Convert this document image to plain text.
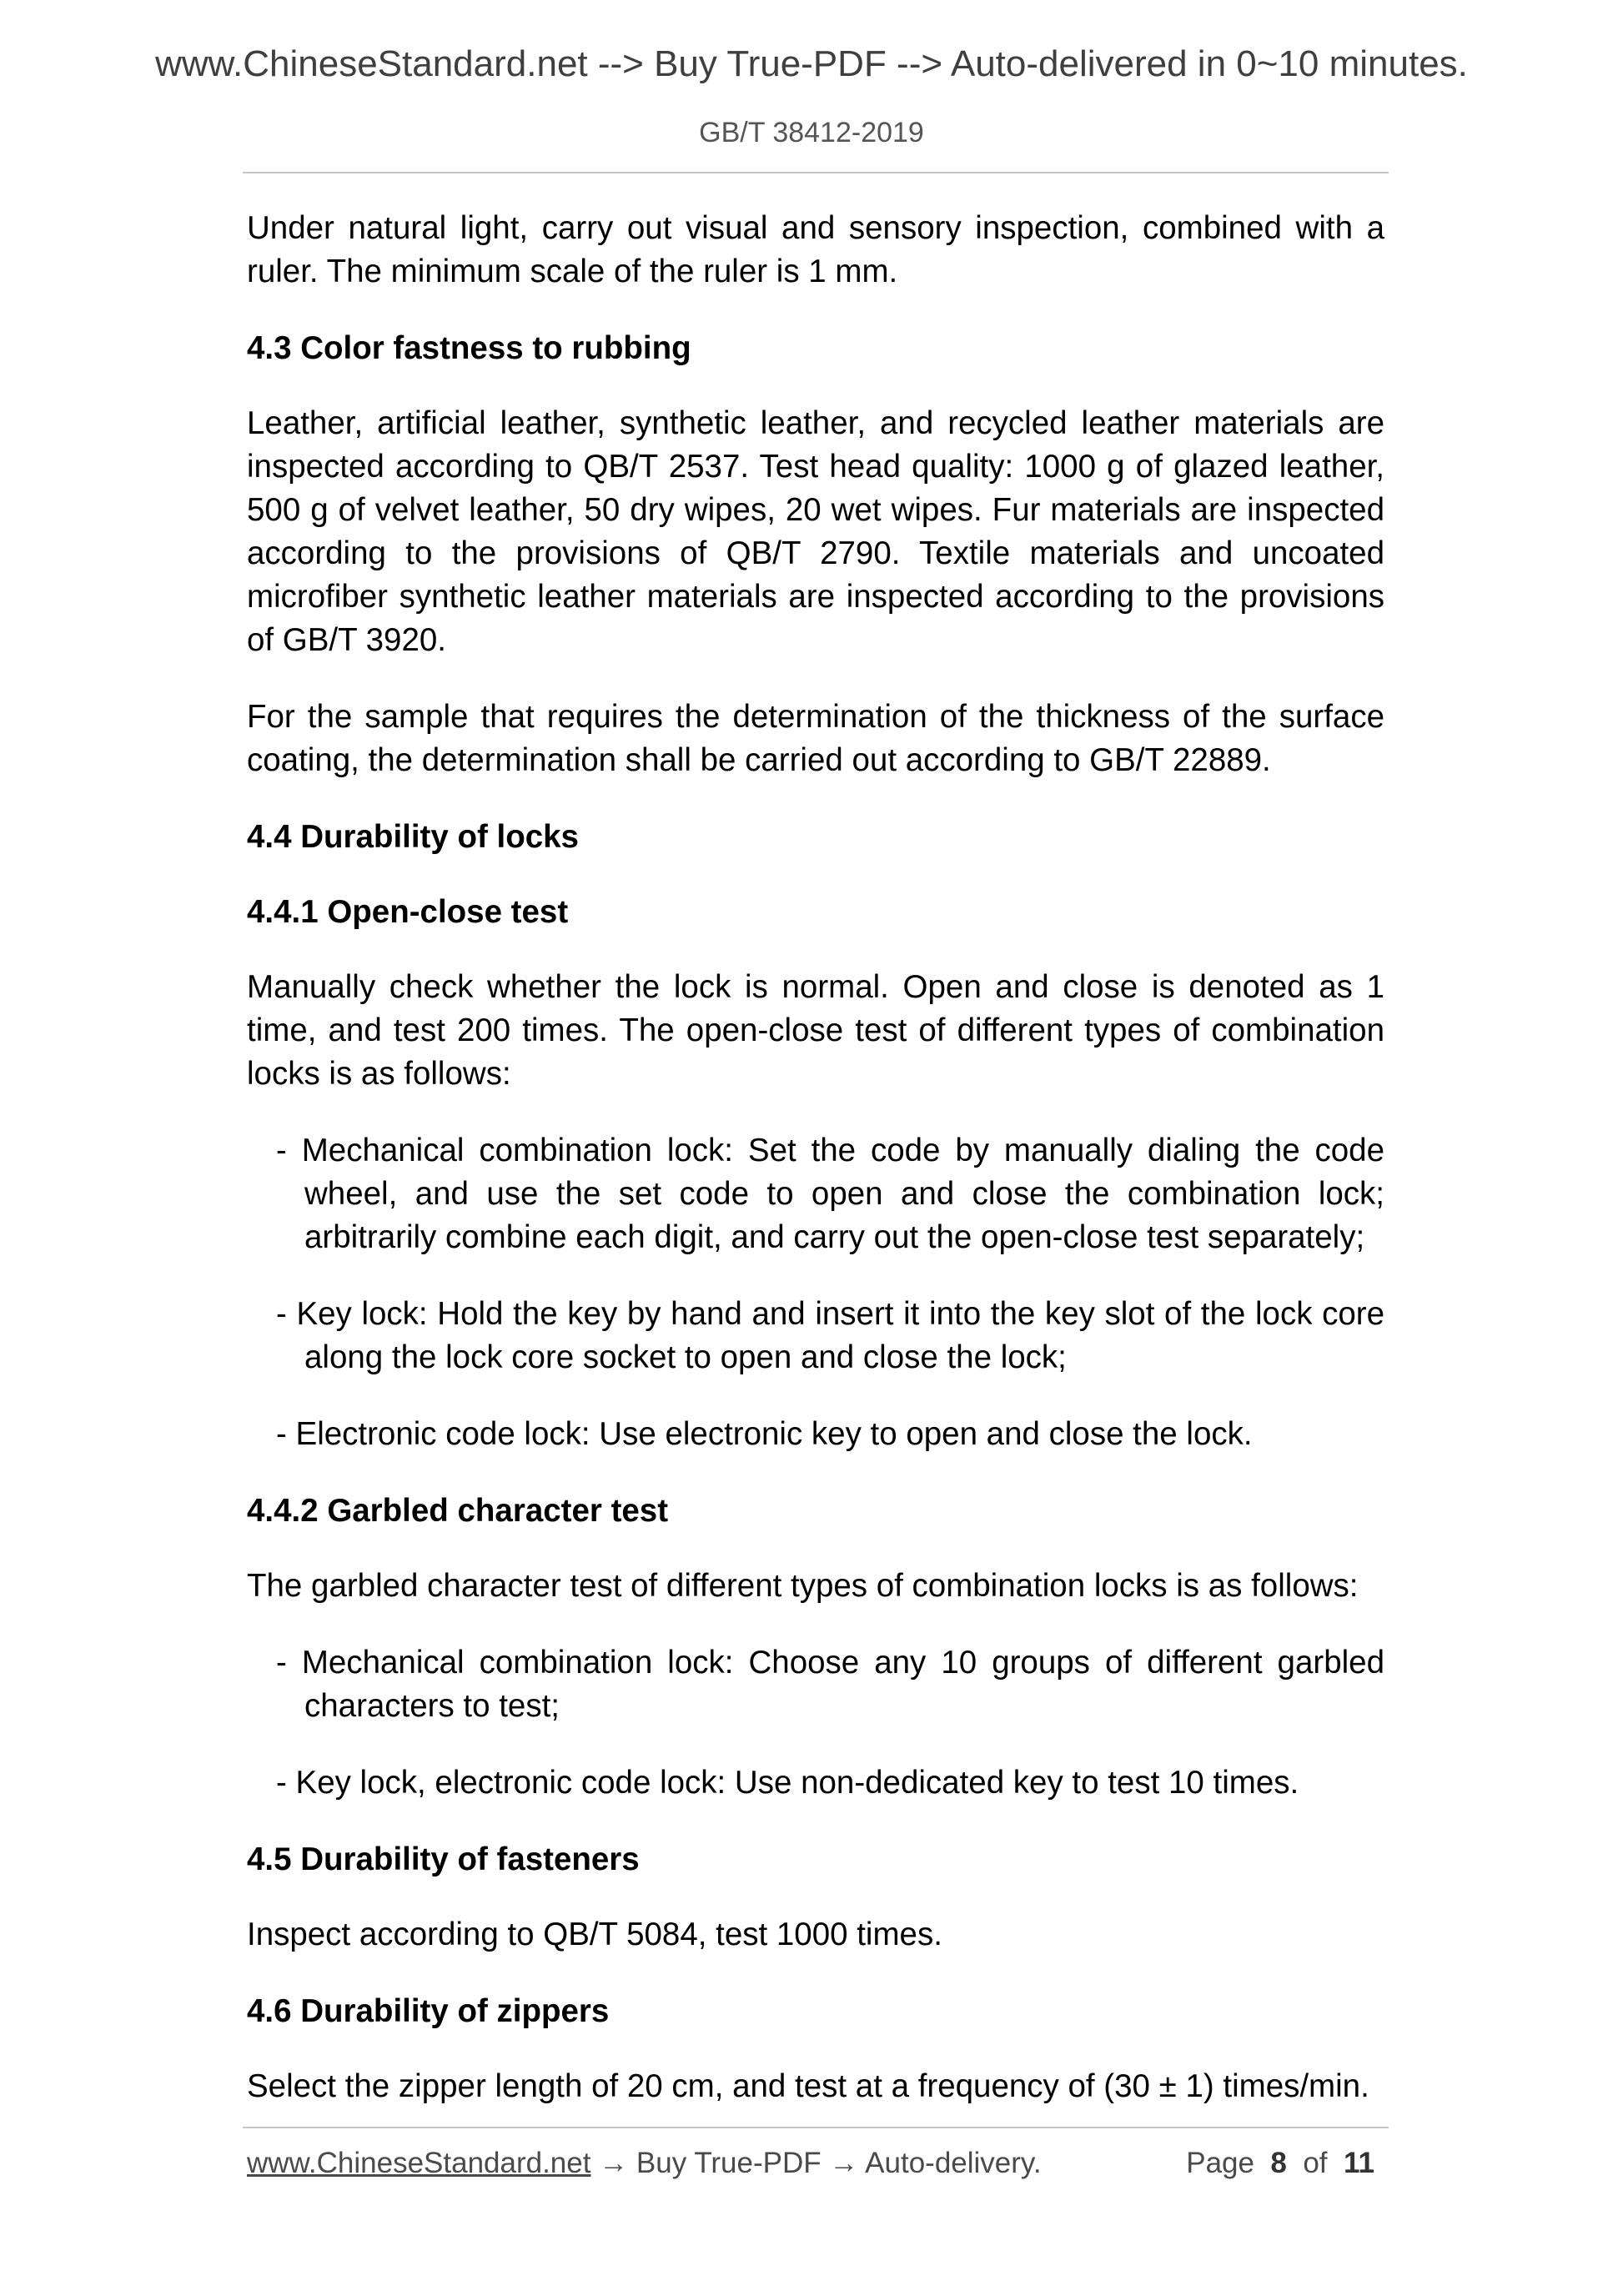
www.ChineseStandard.net --> Buy True-PDF --> Auto-delivered in 0~10 minutes.
GB/T 38412-2019

Under natural light, carry out visual and sensory inspection, combined with a ruler. The minimum scale of the ruler is 1 mm.

4.3 Color fastness to rubbing

Leather, artificial leather, synthetic leather, and recycled leather materials are inspected according to QB/T 2537. Test head quality: 1000 g of glazed leather, 500 g of velvet leather, 50 dry wipes, 20 wet wipes. Fur materials are inspected according to the provisions of QB/T 2790. Textile materials and uncoated microfiber synthetic leather materials are inspected according to the provisions of GB/T 3920.

For the sample that requires the determination of the thickness of the surface coating, the determination shall be carried out according to GB/T 22889.

4.4 Durability of locks
4.4.1 Open-close test

Manually check whether the lock is normal. Open and close is denoted as 1 time, and test 200 times. The open-close test of different types of combination locks is as follows:

- Mechanical combination lock: Set the code by manually dialing the code wheel, and use the set code to open and close the combination lock; arbitrarily combine each digit, and carry out the open-close test separately;
- Key lock: Hold the key by hand and insert it into the key slot of the lock core along the lock core socket to open and close the lock;
- Electronic code lock: Use electronic key to open and close the lock.
4.4.2 Garbled character test

The garbled character test of different types of combination locks is as follows:

- Mechanical combination lock: Choose any 10 groups of different garbled characters to test;
- Key lock, electronic code lock: Use non-dedicated key to test 10 times.
4.5 Durability of fasteners

Inspect according to QB/T 5084, test 1000 times.

4.6 Durability of zippers

Select the zipper length of 20 cm, and test at a frequency of (30 ± 1) times/min.

www.ChineseStandard.net → Buy True-PDF → Auto-delivery.	Page 8 of 11
